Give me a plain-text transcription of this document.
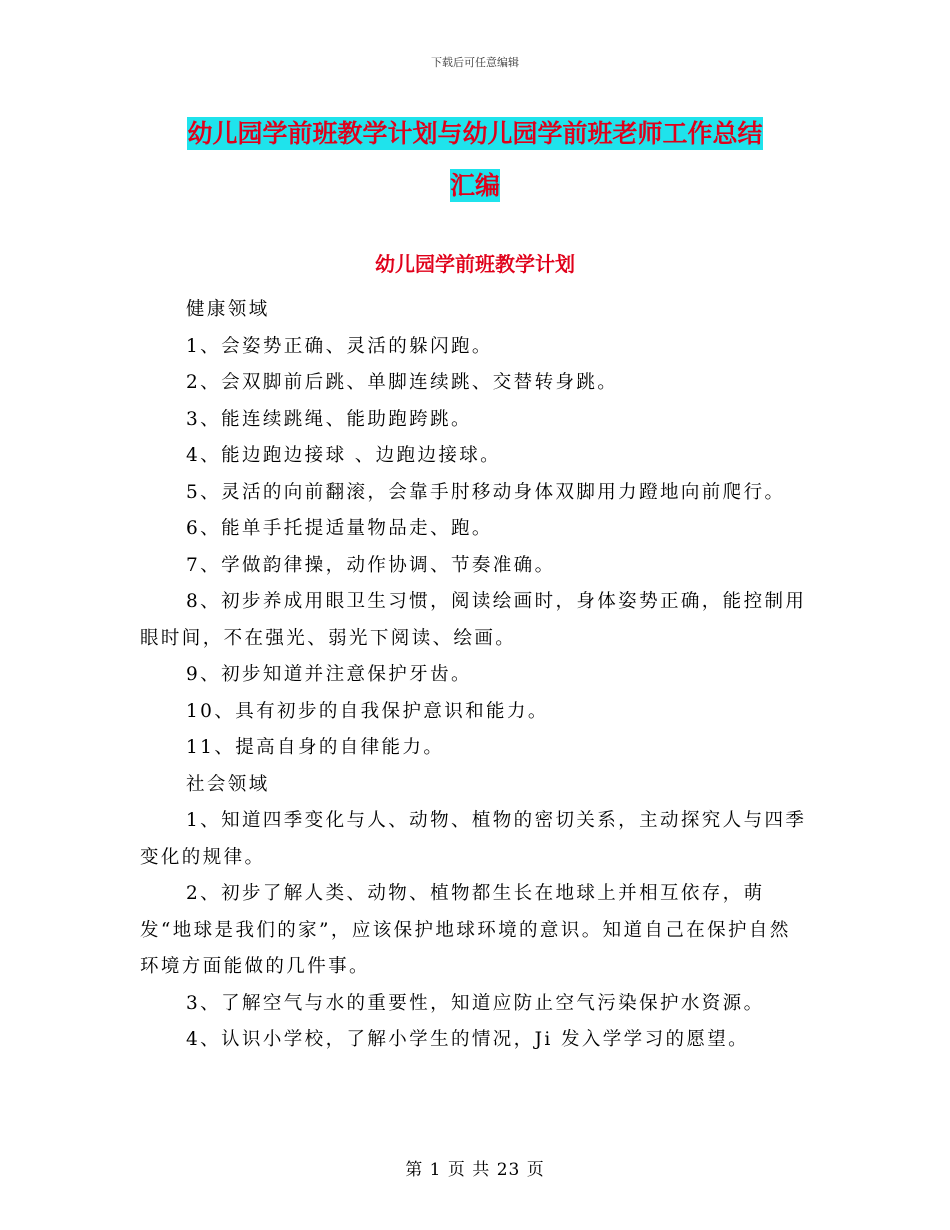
下载后可任意编辑
幼儿园学前班教学计划与幼儿园学前班老师工作总结
汇编
幼儿园学前班教学计划

健康领域

1、会姿势正确、灵活的躲闪跑。

2、会双脚前后跳、单脚连续跳、交替转身跳。

3、能连续跳绳、能助跑跨跳。

4、能边跑边接球 、边跑边接球。

5、灵活的向前翻滚，会靠手肘移动身体双脚用力蹬地向前爬行。

6、能单手托提适量物品走、跑。

7、学做韵律操，动作协调、节奏准确。

8、初步养成用眼卫生习惯，阅读绘画时，身体姿势正确，能控制用眼时间，不在强光、弱光下阅读、绘画。

9、初步知道并注意保护牙齿。

10、具有初步的自我保护意识和能力。

11、提高自身的自律能力。

社会领域

1、知道四季变化与人、动物、植物的密切关系，主动探究人与四季变化的规律。

2、初步了解人类、动物、植物都生长在地球上并相互依存，萌发“地球是我们的家”，应该保护地球环境的意识。知道自己在保护自然环境方面能做的几件事。

3、了解空气与水的重要性，知道应防止空气污染保护水资源。

4、认识小学校，了解小学生的情况，Ji 发入学学习的愿望。

第 1 页 共 23 页
